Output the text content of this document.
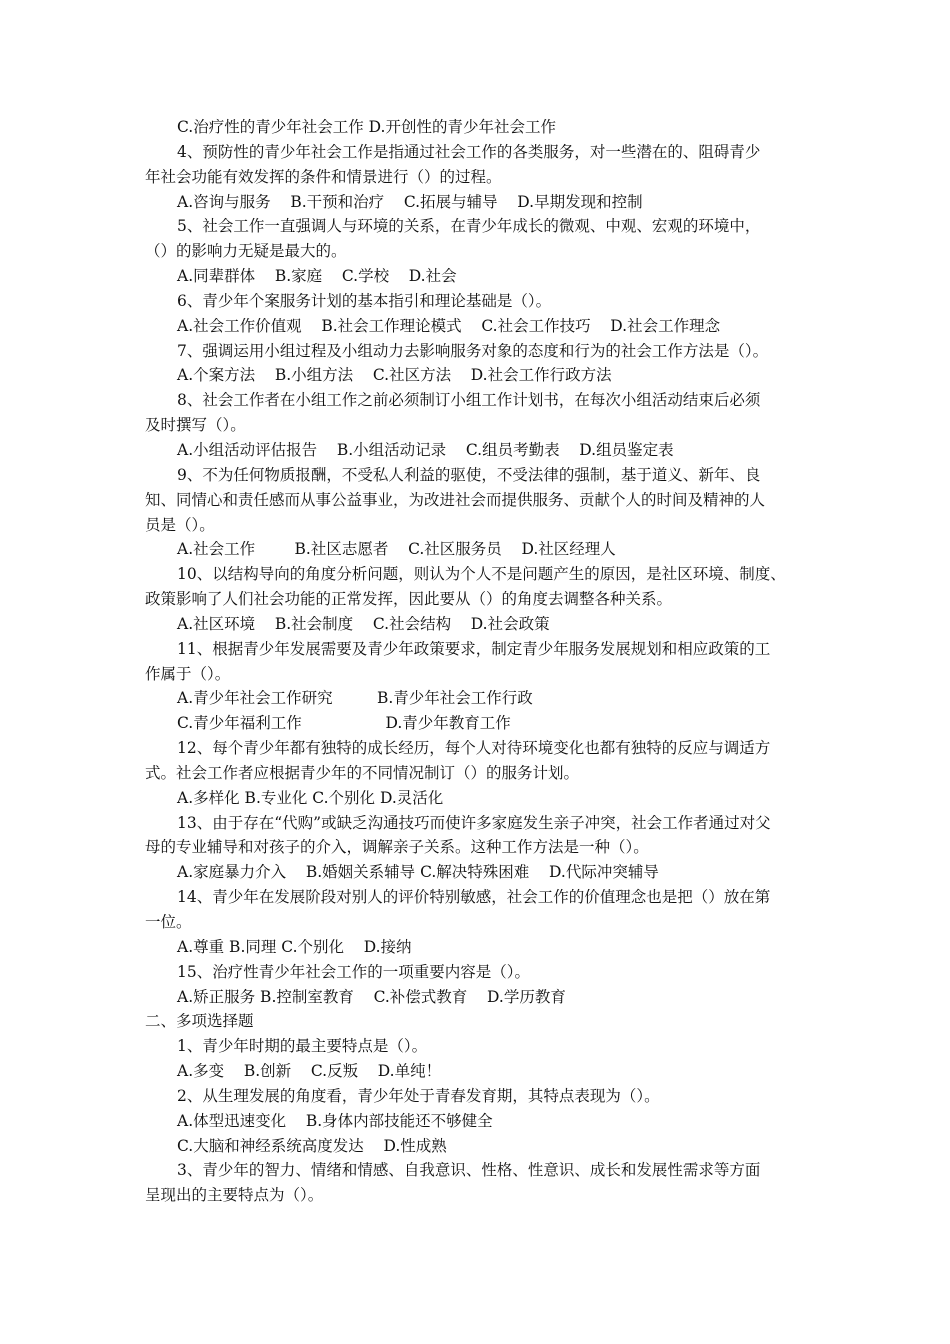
C.治疗性的青少年社会工作 D.开创性的青少年社会工作
4、预防性的青少年社会工作是指通过社会工作的各类服务，对一些潜在的、阻碍青少
年社会功能有效发挥的条件和情景进行（）的过程。
A.咨询与服务    B.干预和治疗    C.拓展与辅导    D.早期发现和控制
5、社会工作一直强调人与环境的关系，在青少年成长的微观、中观、宏观的环境中，
（）的影响力无疑是最大的。
A.同辈群体    B.家庭    C.学校    D.社会
6、青少年个案服务计划的基本指引和理论基础是（）。
A.社会工作价值观    B.社会工作理论模式    C.社会工作技巧    D.社会工作理念
7、强调运用小组过程及小组动力去影响服务对象的态度和行为的社会工作方法是（）。
A.个案方法    B.小组方法    C.社区方法    D.社会工作行政方法
8、社会工作者在小组工作之前必须制订小组工作计划书，在每次小组活动结束后必须
及时撰写（）。
A.小组活动评估报告    B.小组活动记录    C.组员考勤表    D.组员鉴定表
9、不为任何物质报酬，不受私人利益的驱使，不受法律的强制，基于道义、新年、良
知、同情心和责任感而从事公益事业，为改进社会而提供服务、贡献个人的时间及精神的人
员是（）。
A.社会工作        B.社区志愿者    C.社区服务员    D.社区经理人
10、以结构导向的角度分析问题，则认为个人不是问题产生的原因，是社区环境、制度、
政策影响了人们社会功能的正常发挥，因此要从（）的角度去调整各种关系。
A.社区环境    B.社会制度    C.社会结构    D.社会政策
11、根据青少年发展需要及青少年政策要求，制定青少年服务发展规划和相应政策的工
作属于（）。
A.青少年社会工作研究         B.青少年社会工作行政
C.青少年福利工作                 D.青少年教育工作
12、每个青少年都有独特的成长经历，每个人对待环境变化也都有独特的反应与调适方
式。社会工作者应根据青少年的不同情况制订（）的服务计划。
A.多样化 B.专业化 C.个别化 D.灵活化
13、由于存在“代购”或缺乏沟通技巧而使许多家庭发生亲子冲突，社会工作者通过对父
母的专业辅导和对孩子的介入，调解亲子关系。这种工作方法是一种（）。
A.家庭暴力介入    B.婚姻关系辅导 C.解决特殊困难    D.代际冲突辅导
14、青少年在发展阶段对别人的评价特别敏感，社会工作的价值理念也是把（）放在第
一位。
A.尊重 B.同理 C.个别化    D.接纳
15、治疗性青少年社会工作的一项重要内容是（）。
A.矫正服务 B.控制室教育    C.补偿式教育    D.学历教育
二、多项选择题
1、青少年时期的最主要特点是（）。
A.多变    B.创新    C.反叛    D.单纯！
2、从生理发展的角度看，青少年处于青春发育期，其特点表现为（）。
A.体型迅速变化    B.身体内部技能还不够健全
C.大脑和神经系统高度发达    D.性成熟
3、青少年的智力、情绪和情感、自我意识、性格、性意识、成长和发展性需求等方面
呈现出的主要特点为（）。
